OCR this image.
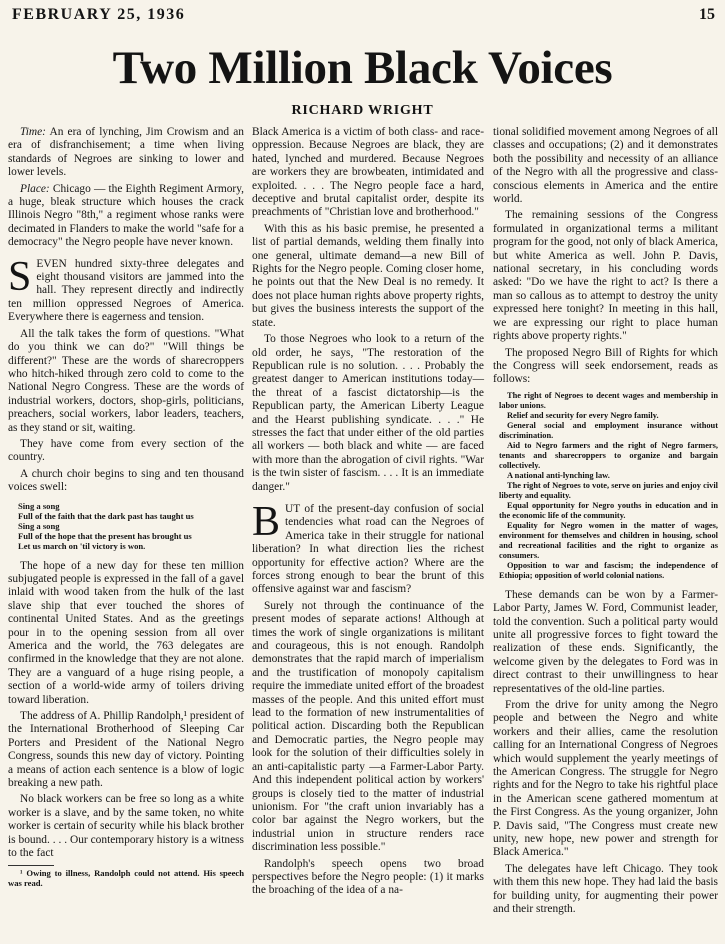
FEBRUARY 25, 1936	15
Two Million Black Voices
RICHARD WRIGHT

Time: An era of lynching, Jim Crowism and an era of disfranchisement; a time when living standards of Negroes are sinking to lower and lower levels.

Place: Chicago — the Eighth Regiment Armory, a huge, bleak structure which houses the crack Illinois Negro "8th," a regiment whose ranks were decimated in Flanders to make the world "safe for a democracy" the Negro people have never known.

SEVEN hundred sixty-three delegates and eight thousand visitors are jammed into the hall. They represent directly and indirectly ten million oppressed Negroes of America. Everywhere there is eagerness and tension.

All the talk takes the form of questions. "What do you think we can do?" "Will things be different?" These are the words of sharecroppers who hitch-hiked through zero cold to come to the National Negro Congress. These are the words of industrial workers, doctors, shop-girls, politicians, preachers, social workers, labor leaders, teachers, as they stand or sit, waiting.

They have come from every section of the country.

A church choir begins to sing and ten thousand voices swell:

Sing a song
Full of the faith that the dark past has taught us
Sing a song
Full of the hope that the present has brought us
Let us march on 'til victory is won.

The hope of a new day for these ten million subjugated people is expressed in the fall of a gavel inlaid with wood taken from the hulk of the last slave ship that ever touched the shores of continental United States. And as the greetings pour in to the opening session from all over America and the world, the 763 delegates are confirmed in the knowledge that they are not alone. They are a vanguard of a huge rising people, a section of a world-wide army of toilers driving toward liberation.

The address of A. Phillip Randolph,¹ president of the International Brotherhood of Sleeping Car Porters and President of the National Negro Congress, sounds this new day of victory. Pointing a means of action each sentence is a blow of logic breaking a new path.

No black workers can be free so long as a white worker is a slave, and by the same token, no white worker is certain of security while his black brother is bound. . . . Our contemporary history is a witness to the fact

¹ Owing to illness, Randolph could not attend. His speech was read.

Black America is a victim of both class- and race-oppression. Because Negroes are black, they are hated, lynched and murdered. Because Negroes are workers they are browbeaten, intimidated and exploited. . . . The Negro people face a hard, deceptive and brutal capitalist order, despite its preachments of "Christian love and brotherhood."

With this as his basic premise, he presented a list of partial demands, welding them finally into one general, ultimate demand—a new Bill of Rights for the Negro people. Coming closer home, he points out that the New Deal is no remedy. It does not place human rights above property rights, but gives the business interests the support of the state.

To those Negroes who look to a return of the old order, he says, "The restoration of the Republican rule is no solution. . . . Probably the greatest danger to American institutions today—the threat of a fascist dictatorship—is the Republican party, the American Liberty League and the Hearst publishing syndicate. . . ." He stresses the fact that under either of the old parties all workers — both black and white — are faced with more than the abrogation of civil rights. "War is the twin sister of fascism. . . . It is an immediate danger."

BUT of the present-day confusion of social tendencies what road can the Negroes of America take in their struggle for national liberation? In what direction lies the richest opportunity for effective action? Where are the forces strong enough to bear the brunt of this offensive against war and fascism?

Surely not through the continuance of the present modes of separate actions! Although at times the work of single organizations is militant and courageous, this is not enough. Randolph demonstrates that the rapid march of imperialism and the trustification of monopoly capitalism require the immediate united effort of the broadest masses of the people. And this united effort must lead to the formation of new instrumentalities of political action. Discarding both the Republican and Democratic parties, the Negro people may look for the solution of their difficulties solely in an anti-capitalistic party —a Farmer-Labor Party. And this independent political action by workers' groups is closely tied to the matter of industrial unionism. For "the craft union invariably has a color bar against the Negro workers, but the industrial union in structure renders race discrimination less possible."

Randolph's speech opens two broad perspectives before the Negro people: (1) it marks the broaching of the idea of a na-

tional solidified movement among Negroes of all classes and occupations; (2) and it demonstrates both the possibility and necessity of an alliance of the Negro with all the progressive and class-conscious elements in America and the entire world.

The remaining sessions of the Congress formulated in organizational terms a militant program for the good, not only of black America, but white America as well. John P. Davis, national secretary, in his concluding words asked: "Do we have the right to act? Is there a man so callous as to attempt to destroy the unity expressed here tonight? In meeting in this hall, we are expressing our right to place human rights above property rights."

The proposed Negro Bill of Rights for which the Congress will seek endorsement, reads as follows:

The right of Negroes to decent wages and membership in labor unions.
Relief and security for every Negro family.
General social and employment insurance without discrimination.
Aid to Negro farmers and the right of Negro farmers, tenants and sharecroppers to organize and bargain collectively.
A national anti-lynching law.
The right of Negroes to vote, serve on juries and enjoy civil liberty and equality.
Equal opportunity for Negro youths in education and in the economic life of the community.
Equality for Negro women in the matter of wages, environment for themselves and children in housing, school and recreational facilities and the right to organize as consumers.
Opposition to war and fascism; the independence of Ethiopia; opposition of world colonial nations.

These demands can be won by a Farmer-Labor Party, James W. Ford, Communist leader, told the convention. Such a political party would unite all progressive forces to fight toward the realization of these ends. Significantly, the welcome given by the delegates to Ford was in direct contrast to their unwillingness to hear representatives of the old-line parties.

From the drive for unity among the Negro people and between the Negro and white workers and their allies, came the resolution calling for an International Congress of Negroes which would supplement the yearly meetings of the American Congress. The struggle for Negro rights and for the Negro to take his rightful place in the American scene gathered momentum at the First Congress. As the young organizer, John P. Davis said, "The Congress must create new unity, new hope, new power and strength for Black America."

The delegates have left Chicago. They took with them this new hope. They had laid the basis for building unity, for augmenting their power and their strength.
